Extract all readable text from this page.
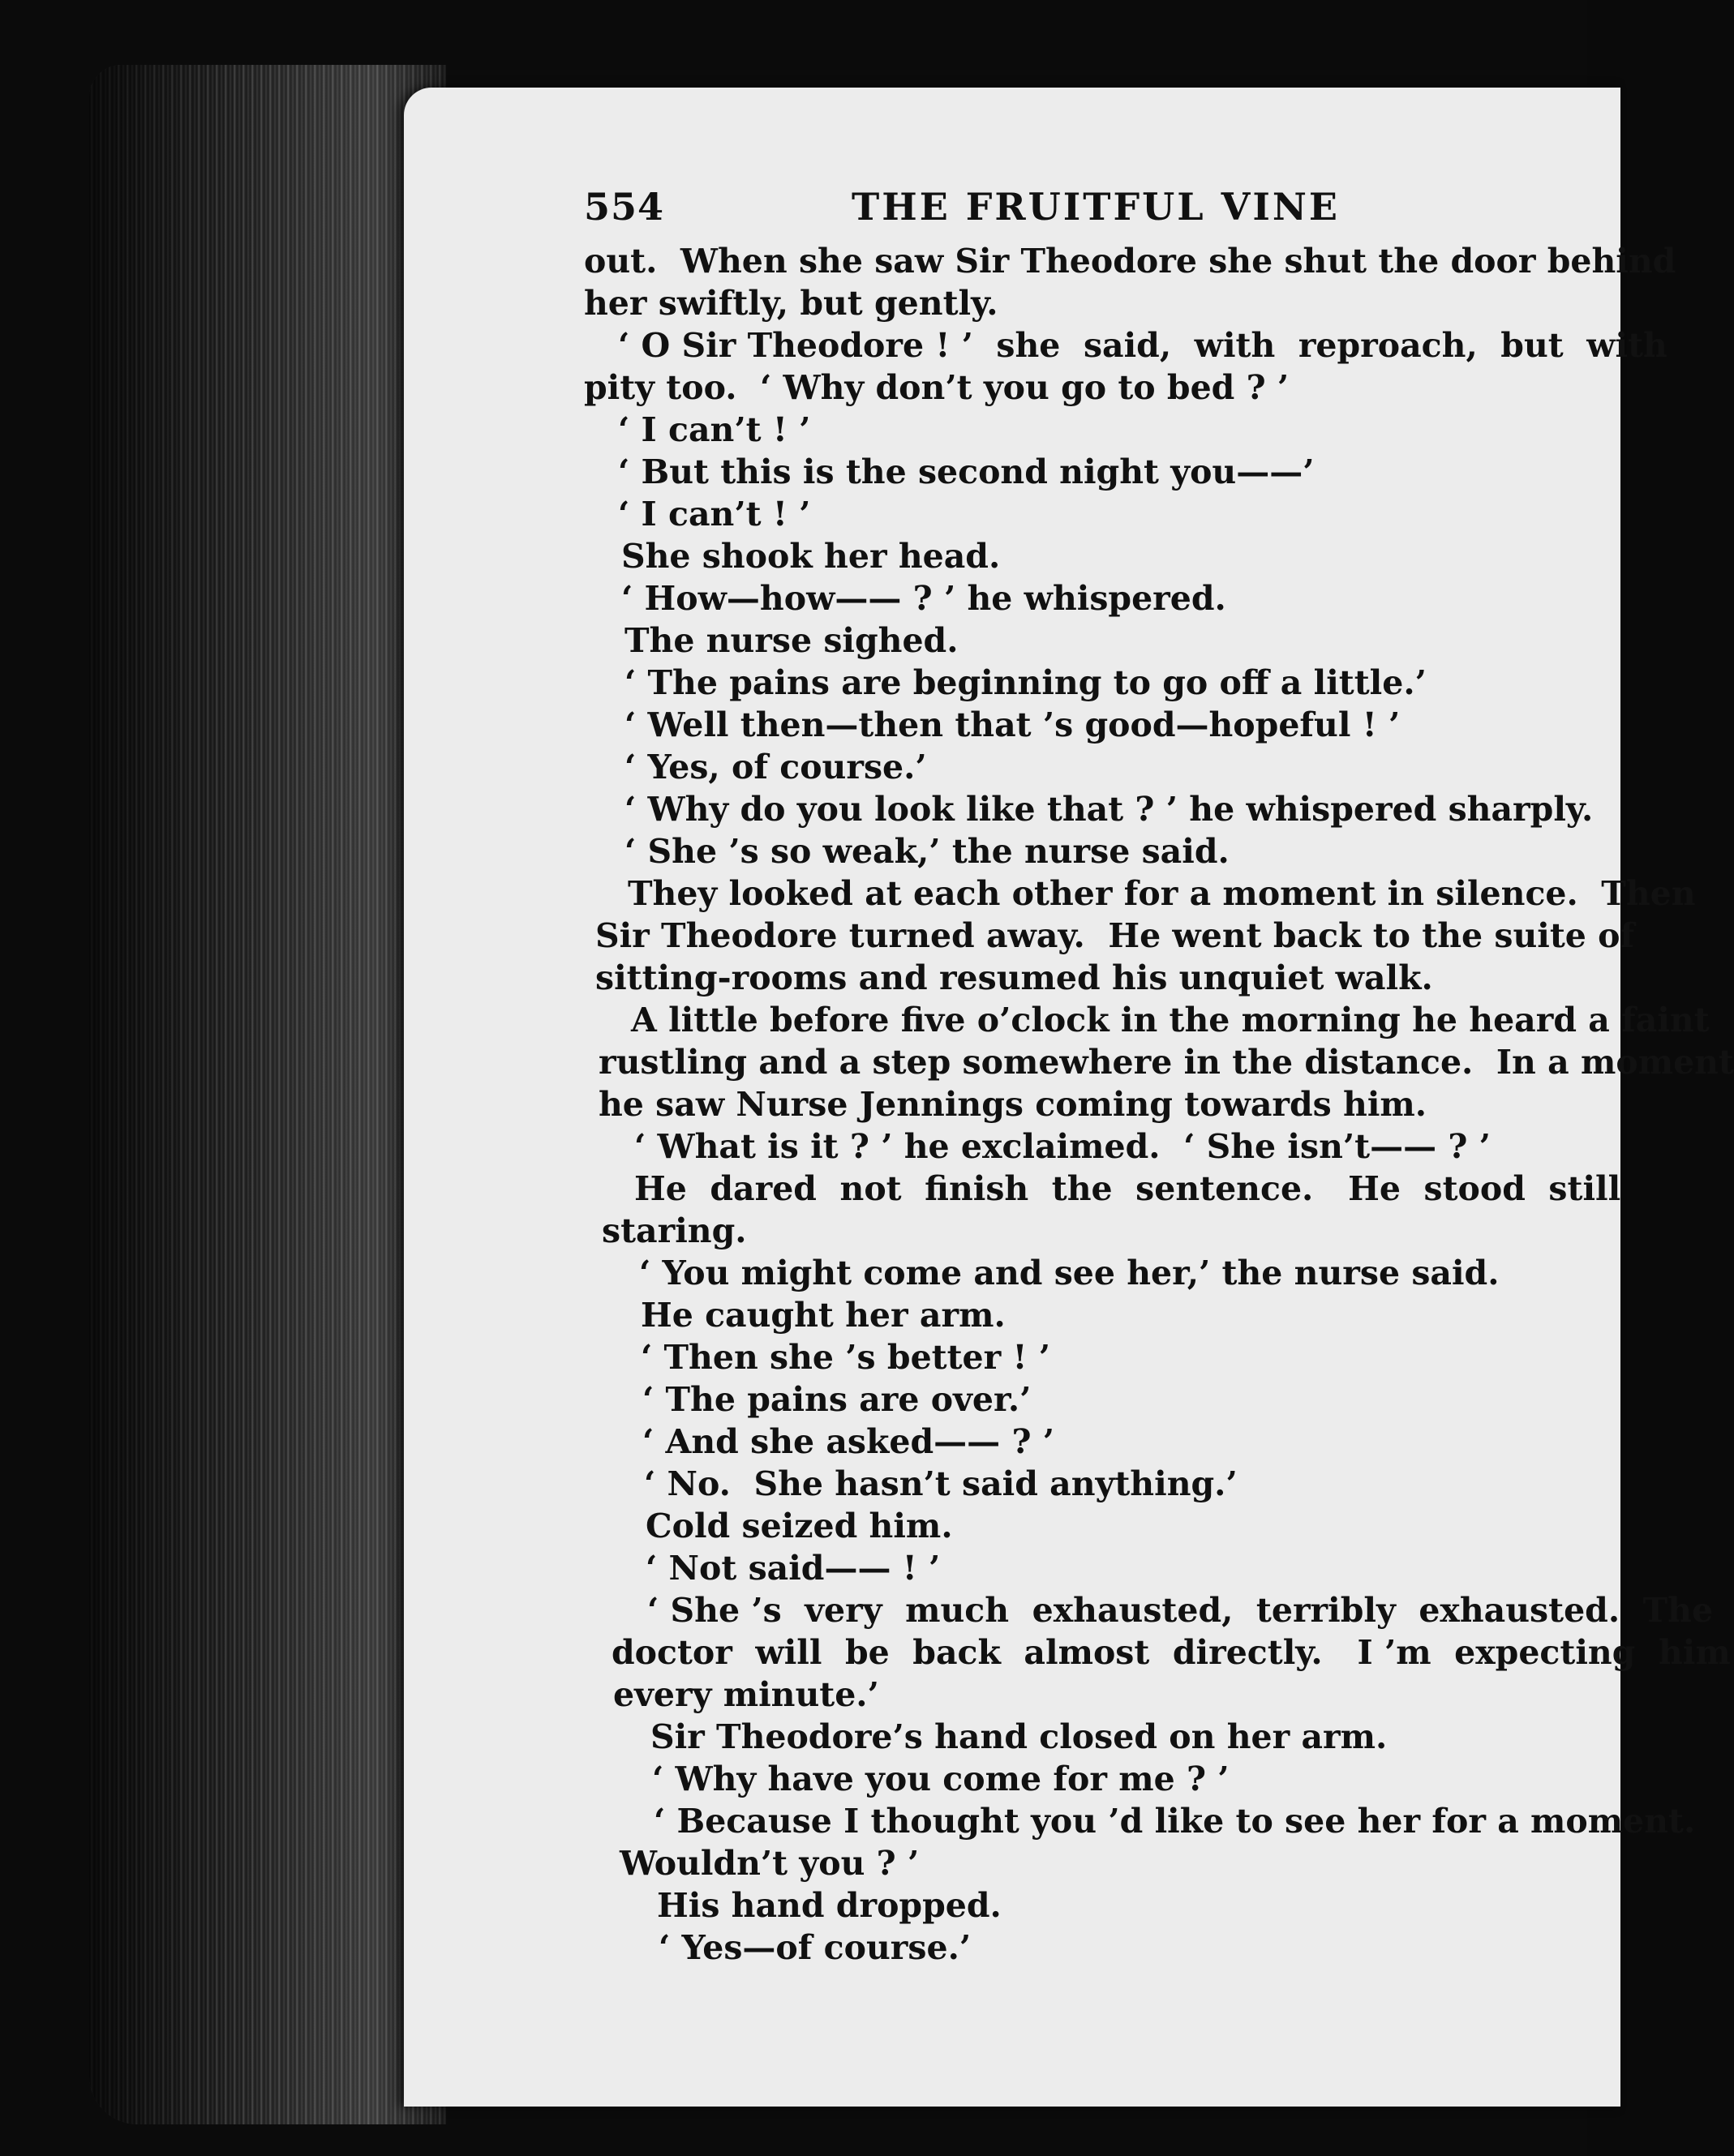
554	THE FRUITFUL VINE
out.  When she saw Sir Theodore she shut the door behind
her swiftly, but gently.
‘ O Sir Theodore ! ’  she  said,  with  reproach,  but  with
pity too.  ‘ Why don’t you go to bed ? ’
‘ I can’t ! ’
‘ But this is the second night you——’
‘ I can’t ! ’
She shook her head.
‘ How—how—— ? ’ he whispered.
The nurse sighed.
‘ The pains are beginning to go off a little.’
‘ Well then—then that ’s good—hopeful ! ’
‘ Yes, of course.’
‘ Why do you look like that ? ’ he whispered sharply.
‘ She ’s so weak,’ the nurse said.
They looked at each other for a moment in silence.  Then
Sir Theodore turned away.  He went back to the suite of
sitting-rooms and resumed his unquiet walk.
A little before five o’clock in the morning he heard a faint
rustling and a step somewhere in the distance.  In a moment
he saw Nurse Jennings coming towards him.
‘ What is it ? ’ he exclaimed.  ‘ She isn’t—— ? ’
He  dared  not  finish  the  sentence.   He  stood  still
staring.
‘ You might come and see her,’ the nurse said.
He caught her arm.
‘ Then she ’s better ! ’
‘ The pains are over.’
‘ And she asked—— ? ’
‘ No.  She hasn’t said anything.’
Cold seized him.
‘ Not said—— ! ’
‘ She ’s  very  much  exhausted,  terribly  exhausted.  The
doctor  will  be  back  almost  directly.   I ’m  expecting  him
every minute.’
Sir Theodore’s hand closed on her arm.
‘ Why have you come for me ? ’
‘ Because I thought you ’d like to see her for a moment.
Wouldn’t you ? ’
His hand dropped.
‘ Yes—of course.’
